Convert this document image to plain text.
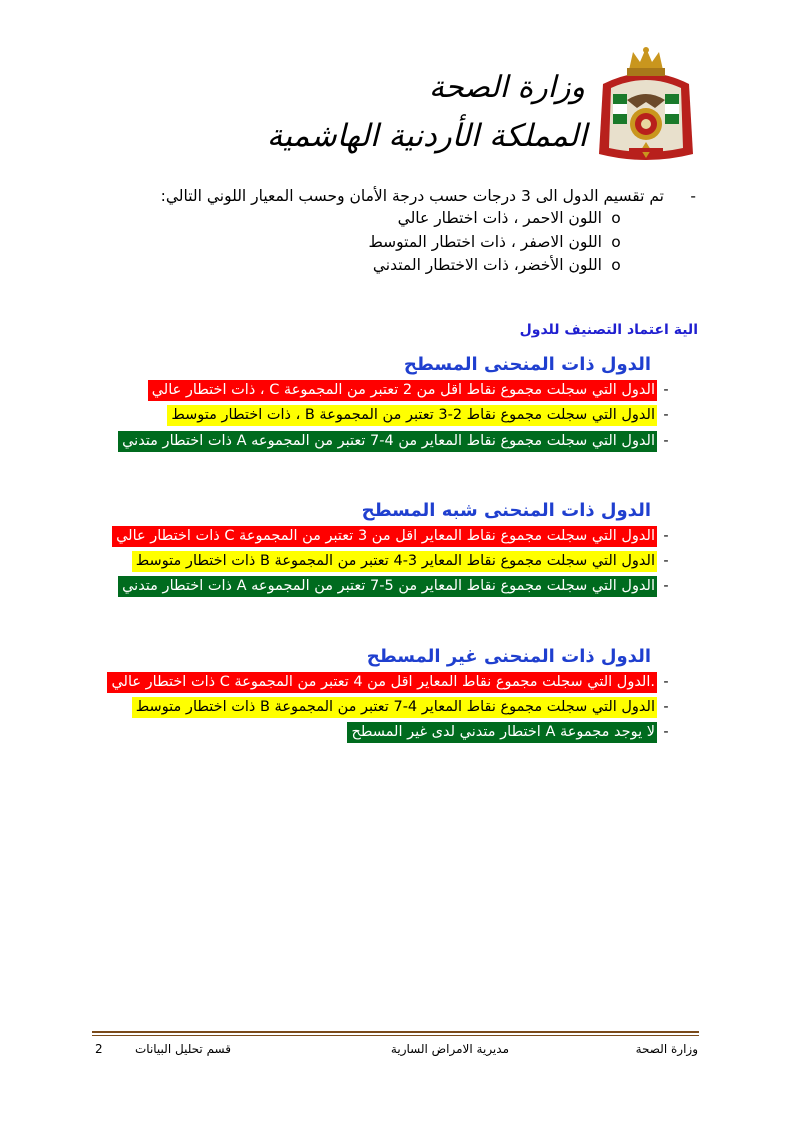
وزارة الصحة
المملكة الأردنية الهاشمية
-تم تقسيم الدول الى 3 درجات حسب درجة الأمان وحسب المعيار اللوني التالي:
oاللون الاحمر ، ذات اختطار عالي
oاللون الاصفر ، ذات اختطار المتوسط
oاللون الأخضر، ذات الاختطار المتدني
الية اعتماد التصنيف للدول
الدول ذات المنحنى المسطح
-الدول التي سجلت مجموع نقاط اقل من 2 تعتبر من المجموعة C ، ذات اختطار عالي
-الدول التي سجلت مجموع نقاط 2-3 تعتبر من المجموعة B ، ذات اختطار متوسط
-الدول التي سجلت مجموع نقاط المعاير من 4-7 تعتبر من المجموعه A ذات اختطار متدني
الدول ذات المنحنى شبه المسطح
-الدول التي سجلت مجموع نقاط المعاير اقل من 3 تعتبر من المجموعة C ذات اختطار عالي
-الدول التي سجلت مجموع نقاط المعاير 3-4 تعتبر من المجموعة B ذات اختطار متوسط
-الدول التي سجلت مجموع نقاط المعاير من 5-7 تعتبر من المجموعه A ذات اختطار متدني
الدول ذات المنحنى غير المسطح
-.الدول التي سجلت مجموع نقاط المعاير اقل من 4 تعتبر من المجموعة C ذات اختطار عالي
-الدول التي سجلت مجموع نقاط المعاير 4-7 تعتبر من المجموعة B ذات اختطار متوسط
-لا يوجد مجموعة A اختطار متدني لدى غير المسطح
وزارة الصحة
مديرية الامراض السارية
قسم تحليل البيانات
2
